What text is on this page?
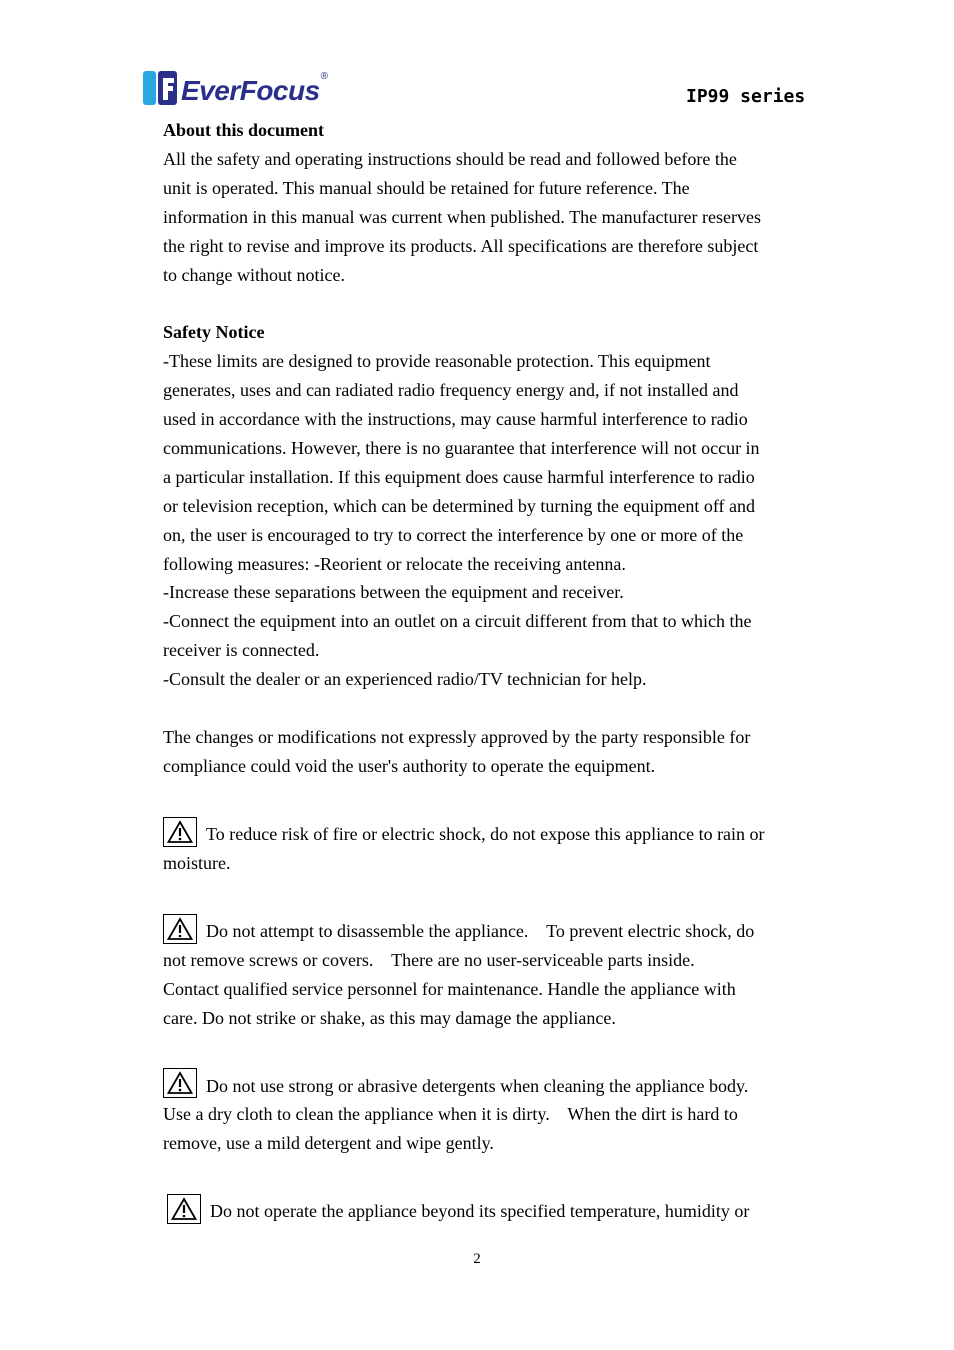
EverFocus ®
IP99 series

About this document

All the safety and operating instructions should be read and followed before the

unit is operated. This manual should be retained for future reference. The

information in this manual was current when published. The manufacturer reserves

the right to revise and improve its products. All specifications are therefore subject

to change without notice.

Safety Notice

-These limits are designed to provide reasonable protection. This equipment

generates, uses and can radiated radio frequency energy and, if not installed and

used in accordance with the instructions, may cause harmful interference to radio

communications. However, there is no guarantee that interference will not occur in

a particular installation. If this equipment does cause harmful interference to radio

or television reception, which can be determined by turning the equipment off and

on, the user is encouraged to try to correct the interference by one or more of the

following measures: -Reorient or relocate the receiving antenna.

-Increase these separations between the equipment and receiver.

-Connect the equipment into an outlet on a circuit different from that to which the

receiver is connected.

-Consult the dealer or an experienced radio/TV technician for help.

The changes or modifications not expressly approved by the party responsible for

compliance could void the user's authority to operate the equipment.

To reduce risk of fire or electric shock, do not expose this appliance to rain or

moisture.

Do not attempt to disassemble the appliance.    To prevent electric shock, do

not remove screws or covers.    There are no user-serviceable parts inside.

Contact qualified service personnel for maintenance. Handle the appliance with

care. Do not strike or shake, as this may damage the appliance.

Do not use strong or abrasive detergents when cleaning the appliance body.

Use a dry cloth to clean the appliance when it is dirty.    When the dirt is hard to

remove, use a mild detergent and wipe gently.

Do not operate the appliance beyond its specified temperature, humidity or
2
